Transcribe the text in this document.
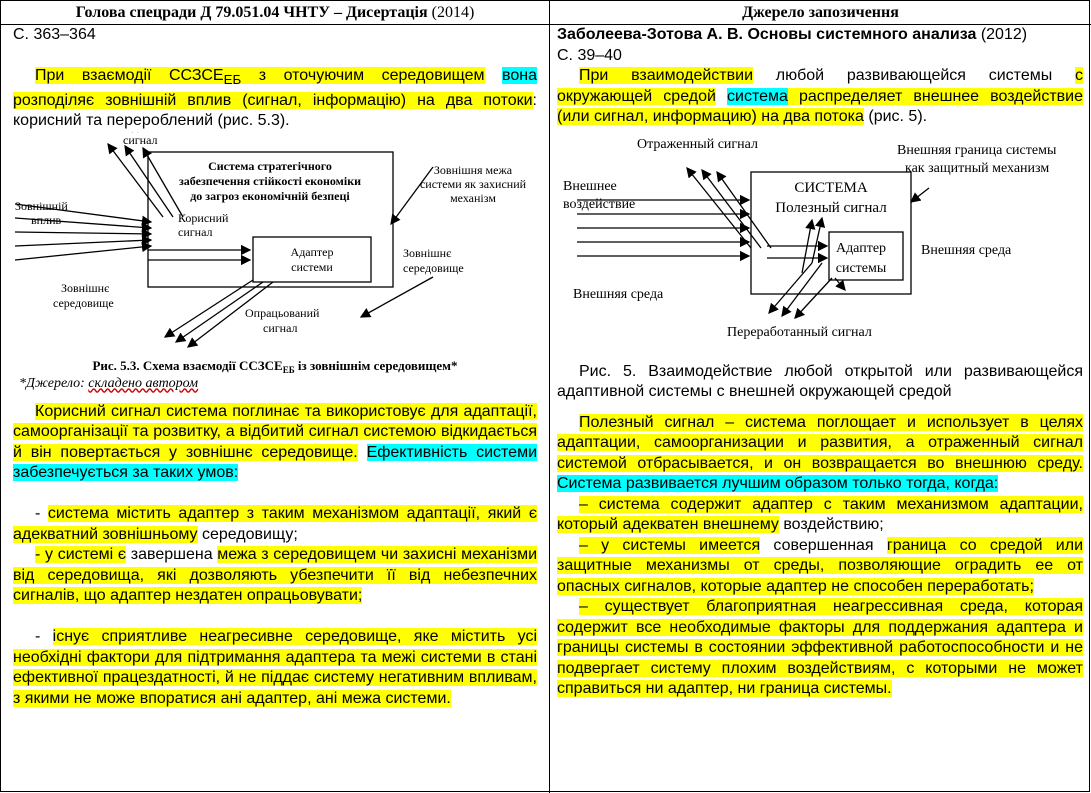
Голова спецради Д 79.051.04 ЧНТУ – Дисертація (2014)	Джерело запозичення

С. 363–364

При взаємодії $ССЗСЕ_{ЕБ}$ з оточуючим середовищем вона розподіляє зовнішній вплив (сигнал, інформацію) на два потоки: корисний та перероблений (рис. 5.3).

Система стратегічного
забезпечення стійкості економіки
до загроз економічній безпеці
сигнал
Зовнішній
вплив	Корисний
сигнал
Адаптер
системи
Зовнішня межа
системи як захисний
механізм
Зовнішнє
середовище
Зовнішнє
середовище
Опрацьований
сигнал
Рис. 5.3. Схема взаємодії $ССЗСЕ_{ЕБ}$ із зовнішнім середовищем*

*Джерело: складено автором

Корисний сигнал система поглинає та використовує для адаптації, самоорганізації та розвитку, а відбитий сигнал системою відкидається й він повертається у зовнішнє середовище. Ефективність системи забезпечується за таких умов:

- система містить адаптер з таким механізмом адаптації, який є адекватний зовнішньому середовищу;

- у системі є завершена межа з середовищем чи захисні механізми від середовища, які дозволяють убезпечити її від небезпечних сигналів, що адаптер нездатен опрацьовувати;

- існує сприятливе неагресивне середовище, яке містить усі необхідні фактори для підтримання адаптера та межі системи в стані ефективної працездатності, й не піддає систему негативним впливам, з якими не може впоратися ані адаптер, ані межа системи.

Заболеева-Зотова А. В. Основы системного анализа (2012)

С. 39–40

При взаимодействии любой развивающейся системы с окружающей средой система распределяет внешнее воздействие (или сигнал, информацию) на два потока (рис. 5).

Отраженный сигнал	Внешняя граница системы
как защитный механизм
Внешнее
воздействие
СИСТЕМА
Полезный сигнал
Адаптер
системы
Внешняя среда
Внешняя среда
Переработанный сигнал

Рис. 5. Взаимодействие любой открытой или развивающейся адаптивной системы с внешней окружающей средой

Полезный сигнал – система поглощает и использует в целях адаптации, самоорганизации и развития, а отраженный сигнал системой отбрасывается, и он возвращается во внешнюю среду. Система развивается лучшим образом только тогда, когда:

– система содержит адаптер с таким механизмом адаптации, который адекватен внешнему воздействию;

– у системы имеется совершенная граница со средой или защитные механизмы от среды, позволяющие оградить ее от опасных сигналов, которые адаптер не способен переработать;

– существует благоприятная неагрессивная среда, которая содержит все необходимые факторы для поддержания адаптера и границы системы в состоянии эффективной работоспособности и не подвергает систему плохим воздействиям, с которыми не может справиться ни адаптер, ни граница системы.
